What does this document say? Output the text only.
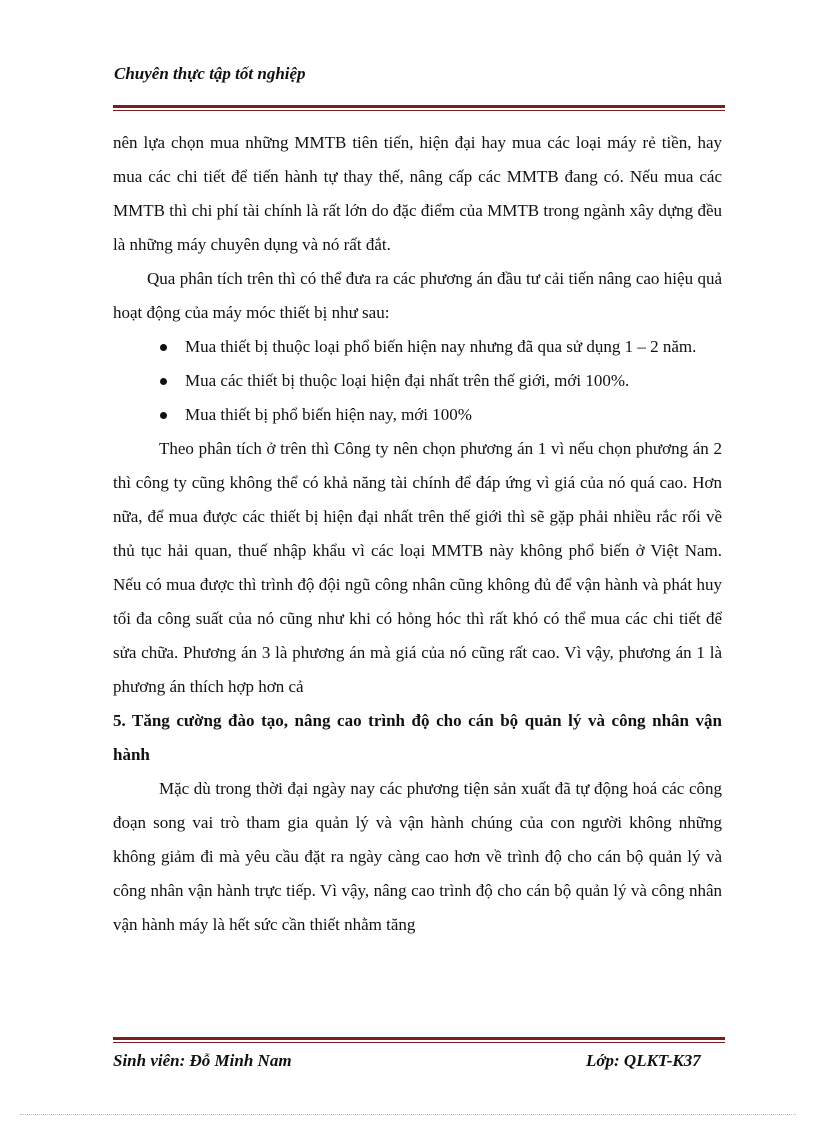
Chuyên thực tập tốt nghiệp

nên lựa chọn mua những MMTB tiên tiến, hiện đại hay mua các loại máy rẻ tiền, hay mua các chi tiết để tiến hành tự thay thế, nâng cấp các MMTB đang có. Nếu mua các MMTB thì chi phí tài chính là rất lớn do đặc điểm của MMTB trong ngành xây dựng đều là những máy chuyên dụng và nó rất đắt.

Qua phân tích trên thì có thể đưa ra các phương án đầu tư cải tiến nâng cao hiệu quả hoạt động của máy móc thiết bị như sau:

Mua thiết bị thuộc loại phổ biến hiện nay nhưng đã qua sử dụng 1 – 2 năm.
Mua các thiết bị thuộc loại hiện đại nhất trên thế giới, mới 100%.
Mua thiết bị phổ biến hiện nay, mới 100%

Theo phân tích ở trên thì Công ty nên chọn phương án 1 vì nếu chọn phương án 2 thì công ty cũng không thể có khả năng tài chính để đáp ứng vì giá của nó quá cao. Hơn nữa, để mua được các thiết bị hiện đại nhất trên thế giới thì sẽ gặp phải nhiều rắc rối về thủ tục hải quan, thuế nhập khẩu vì các loại MMTB này không phổ biến ở Việt Nam. Nếu có mua được thì trình độ đội ngũ công nhân cũng không đủ để vận hành và phát huy tối đa công suất của nó cũng như khi có hỏng hóc thì rất khó có thể mua các chi tiết để sửa chữa. Phương án 3 là phương án mà giá của nó cũng rất cao. Vì vậy, phương án 1 là phương án thích hợp hơn cả

5. Tăng cường đào tạo, nâng cao trình độ cho cán bộ quản lý và công nhân vận hành

Mặc dù trong thời đại ngày nay các phương tiện sản xuất đã tự động hoá các công đoạn song vai trò tham gia quản lý và vận hành chúng của con người không những không giảm đi mà yêu cầu đặt ra ngày càng cao hơn về trình độ cho cán bộ quản lý và công nhân vận hành trực tiếp. Vì vậy, nâng cao trình độ cho cán bộ quản lý và công nhân vận hành máy là hết sức cần thiết nhằm tăng

Sinh viên: Đỗ Minh Nam	Lớp: QLKT-K37
